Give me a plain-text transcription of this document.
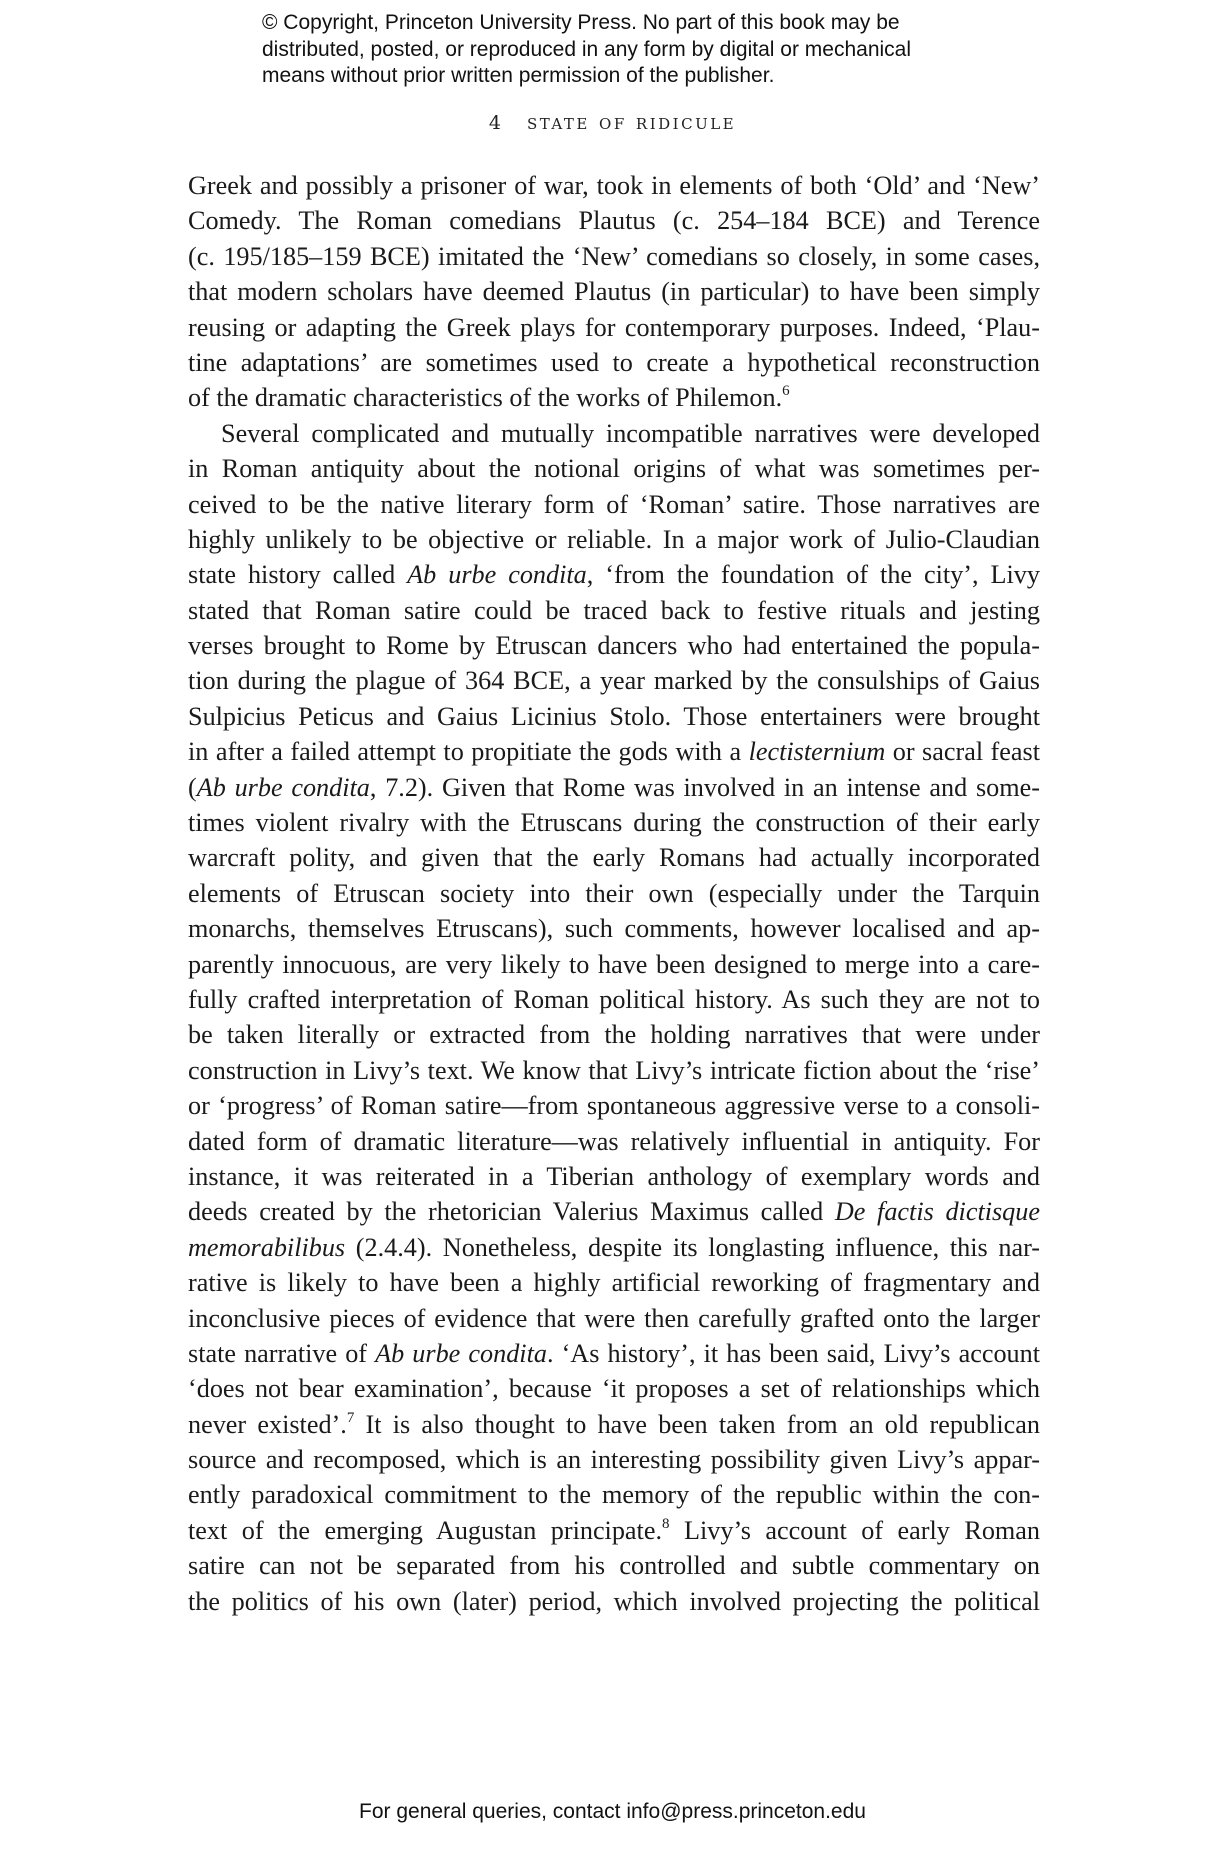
© Copyright, Princeton University Press. No part of this book may be
distributed, posted, or reproduced in any form by digital or mechanical
means without prior written permission of the publisher.
4 state of ridicule
Greek and possibly a prisoner of war, took in elements of both ‘Old’ and ‘New’
Comedy. The Roman comedians Plautus (c. 254–184 BCE) and Terence
(c. 195/185–159 BCE) imitated the ‘New’ comedians so closely, in some cases,
that modern scholars have deemed Plautus (in particular) to have been simply
reusing or adapting the Greek plays for contemporary purposes. Indeed, ‘Plau-
tine adaptations’ are sometimes used to create a hypothetical reconstruction
of the dramatic characteristics of the works of Philemon.$^6$
Several complicated and mutually incompatible narratives were developed
in Roman antiquity about the notional origins of what was sometimes per-
ceived to be the native literary form of ‘Roman’ satire. Those narratives are
highly unlikely to be objective or reliable. In a major work of Julio-Claudian
state history called Ab urbe condita, ‘from the foundation of the city’, Livy
stated that Roman satire could be traced back to festive rituals and jesting
verses brought to Rome by Etruscan dancers who had entertained the popula-
tion during the plague of 364 BCE, a year marked by the consulships of Gaius
Sulpicius Peticus and Gaius Licinius Stolo. Those entertainers were brought
in after a failed attempt to propitiate the gods with a lectisternium or sacral feast
(Ab urbe condita, 7.2). Given that Rome was involved in an intense and some-
times violent rivalry with the Etruscans during the construction of their early
warcraft polity, and given that the early Romans had actually incorporated
elements of Etruscan society into their own (especially under the Tarquin
monarchs, themselves Etruscans), such comments, however localised and ap-
parently innocuous, are very likely to have been designed to merge into a care-
fully crafted interpretation of Roman political history. As such they are not to
be taken literally or extracted from the holding narratives that were under
construction in Livy’s text. We know that Livy’s intricate fiction about the ‘rise’
or ‘progress’ of Roman satire—from spontaneous aggressive verse to a consoli-
dated form of dramatic literature—was relatively influential in antiquity. For
instance, it was reiterated in a Tiberian anthology of exemplary words and
deeds created by the rhetorician Valerius Maximus called De factis dictisque
memorabilibus (2.4.4). Nonetheless, despite its longlasting influence, this nar-
rative is likely to have been a highly artificial reworking of fragmentary and
inconclusive pieces of evidence that were then carefully grafted onto the larger
state narrative of Ab urbe condita. ‘As history’, it has been said, Livy’s account
‘does not bear examination’, because ‘it proposes a set of relationships which
never existed’.$^7$ It is also thought to have been taken from an old republican
source and recomposed, which is an interesting possibility given Livy’s appar-
ently paradoxical commitment to the memory of the republic within the con-
text of the emerging Augustan principate.$^8$ Livy’s account of early Roman
satire can not be separated from his controlled and subtle commentary on
the politics of his own (later) period, which involved projecting the political
For general queries, contact info@press.princeton.edu
